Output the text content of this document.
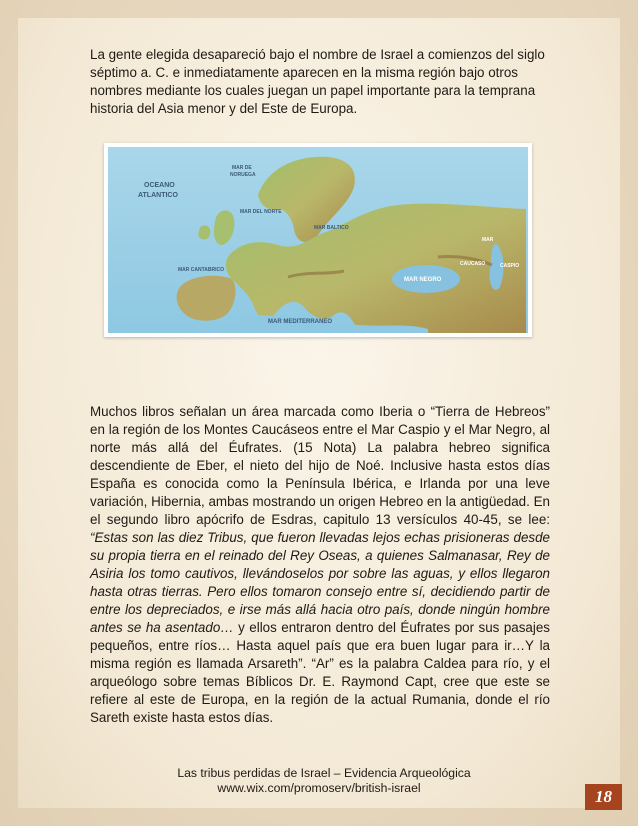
La gente elegida desapareció bajo el nombre de Israel a comienzos del siglo séptimo a. C. e inmediatamente aparecen en la misma región bajo otros nombres mediante los cuales juegan un papel importante para la temprana historia del Asia menor y del Este de Europa.
OCEANO
ATLANTICO
MAR DE
NORUEGA
MAR DEL NORTE
MAR BALTICO
MAR CANTABRICO
MAR MEDITERRANEO
MAR NEGRO
CAUCASO
MAR
CASPIO
Muchos libros señalan un área marcada como Iberia o “Tierra de Hebreos” en la región de los Montes Caucáseos entre el Mar Caspio y el Mar Negro, al norte más allá del Éufrates. (15 Nota) La palabra hebreo significa descendiente de Eber, el nieto del hijo de Noé. Inclusive hasta estos días España es conocida como la Península Ibérica, e Irlanda por una leve variación, Hibernia, ambas mostrando un origen Hebreo en la antigüedad. En el segundo libro apócrifo de Esdras, capitulo 13 versículos 40-45, se lee: “Estas son las diez Tribus, que fueron llevadas lejos echas prisioneras desde su propia tierra en el reinado del Rey Oseas, a quienes Salmanasar, Rey de Asiria los tomo cautivos, llevándoselos por sobre las aguas, y ellos llegaron hasta otras tierras. Pero ellos tomaron consejo entre sí, decidiendo partir de entre los depreciados, e irse más allá hacia otro país, donde ningún hombre antes se ha asentado… y ellos entraron dentro del Éufrates por sus pasajes pequeños, entre ríos… Hasta aquel país que era buen lugar para ir…Y la misma región es llamada Arsareth”. “Ar” es la palabra Caldea para río, y el arqueólogo sobre temas Bíblicos Dr. E. Raymond Capt, cree que este se refiere al este de Europa, en la región de la actual Rumania, donde el río Sareth existe hasta estos días.
Las tribus perdidas de Israel – Evidencia Arqueológica
www.wix.com/promoserv/british-israel	18
